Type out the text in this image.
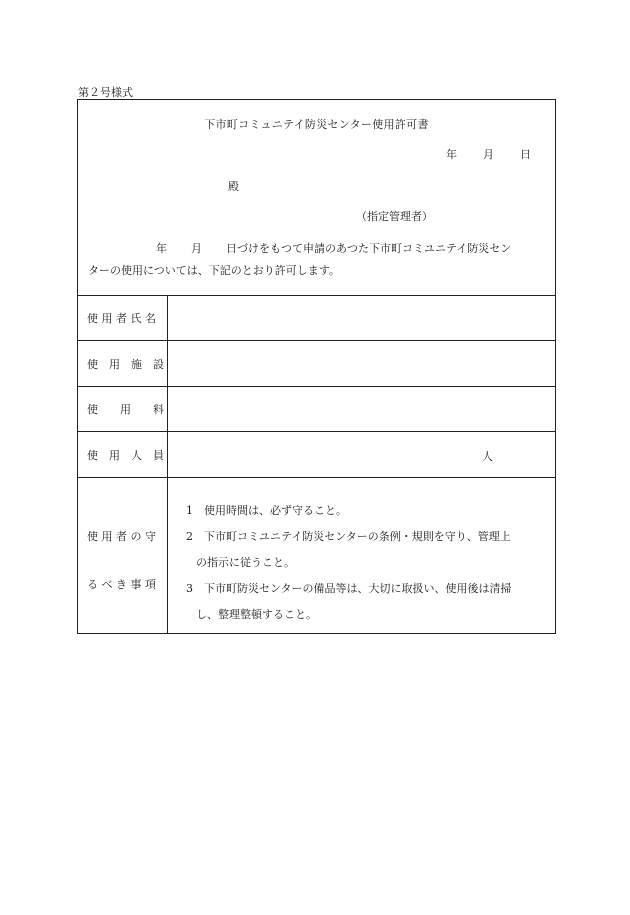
第２号様式
下市町コミュニテイ防災センター使用許可書
年 月 日
殿
（指定管理者）
年 月 日づけをもつて申請のあつた下市町コミユニテイ防災セン
ターの使用については、下記のとおり許可します。
使 用 者 氏 名
使　用　施　設
使　　用　　料
使　用　人　員	人
使 用 者 の 守
る べ き 事 項
1 使用時間は、必ず守ること。
2 下市町コミユニテイ防災センターの条例・規則を守り、管理上
の指示に従うこと。
3 下市町防災センターの備品等は、大切に取扱い、使用後は清掃
し、整理整頓すること。
